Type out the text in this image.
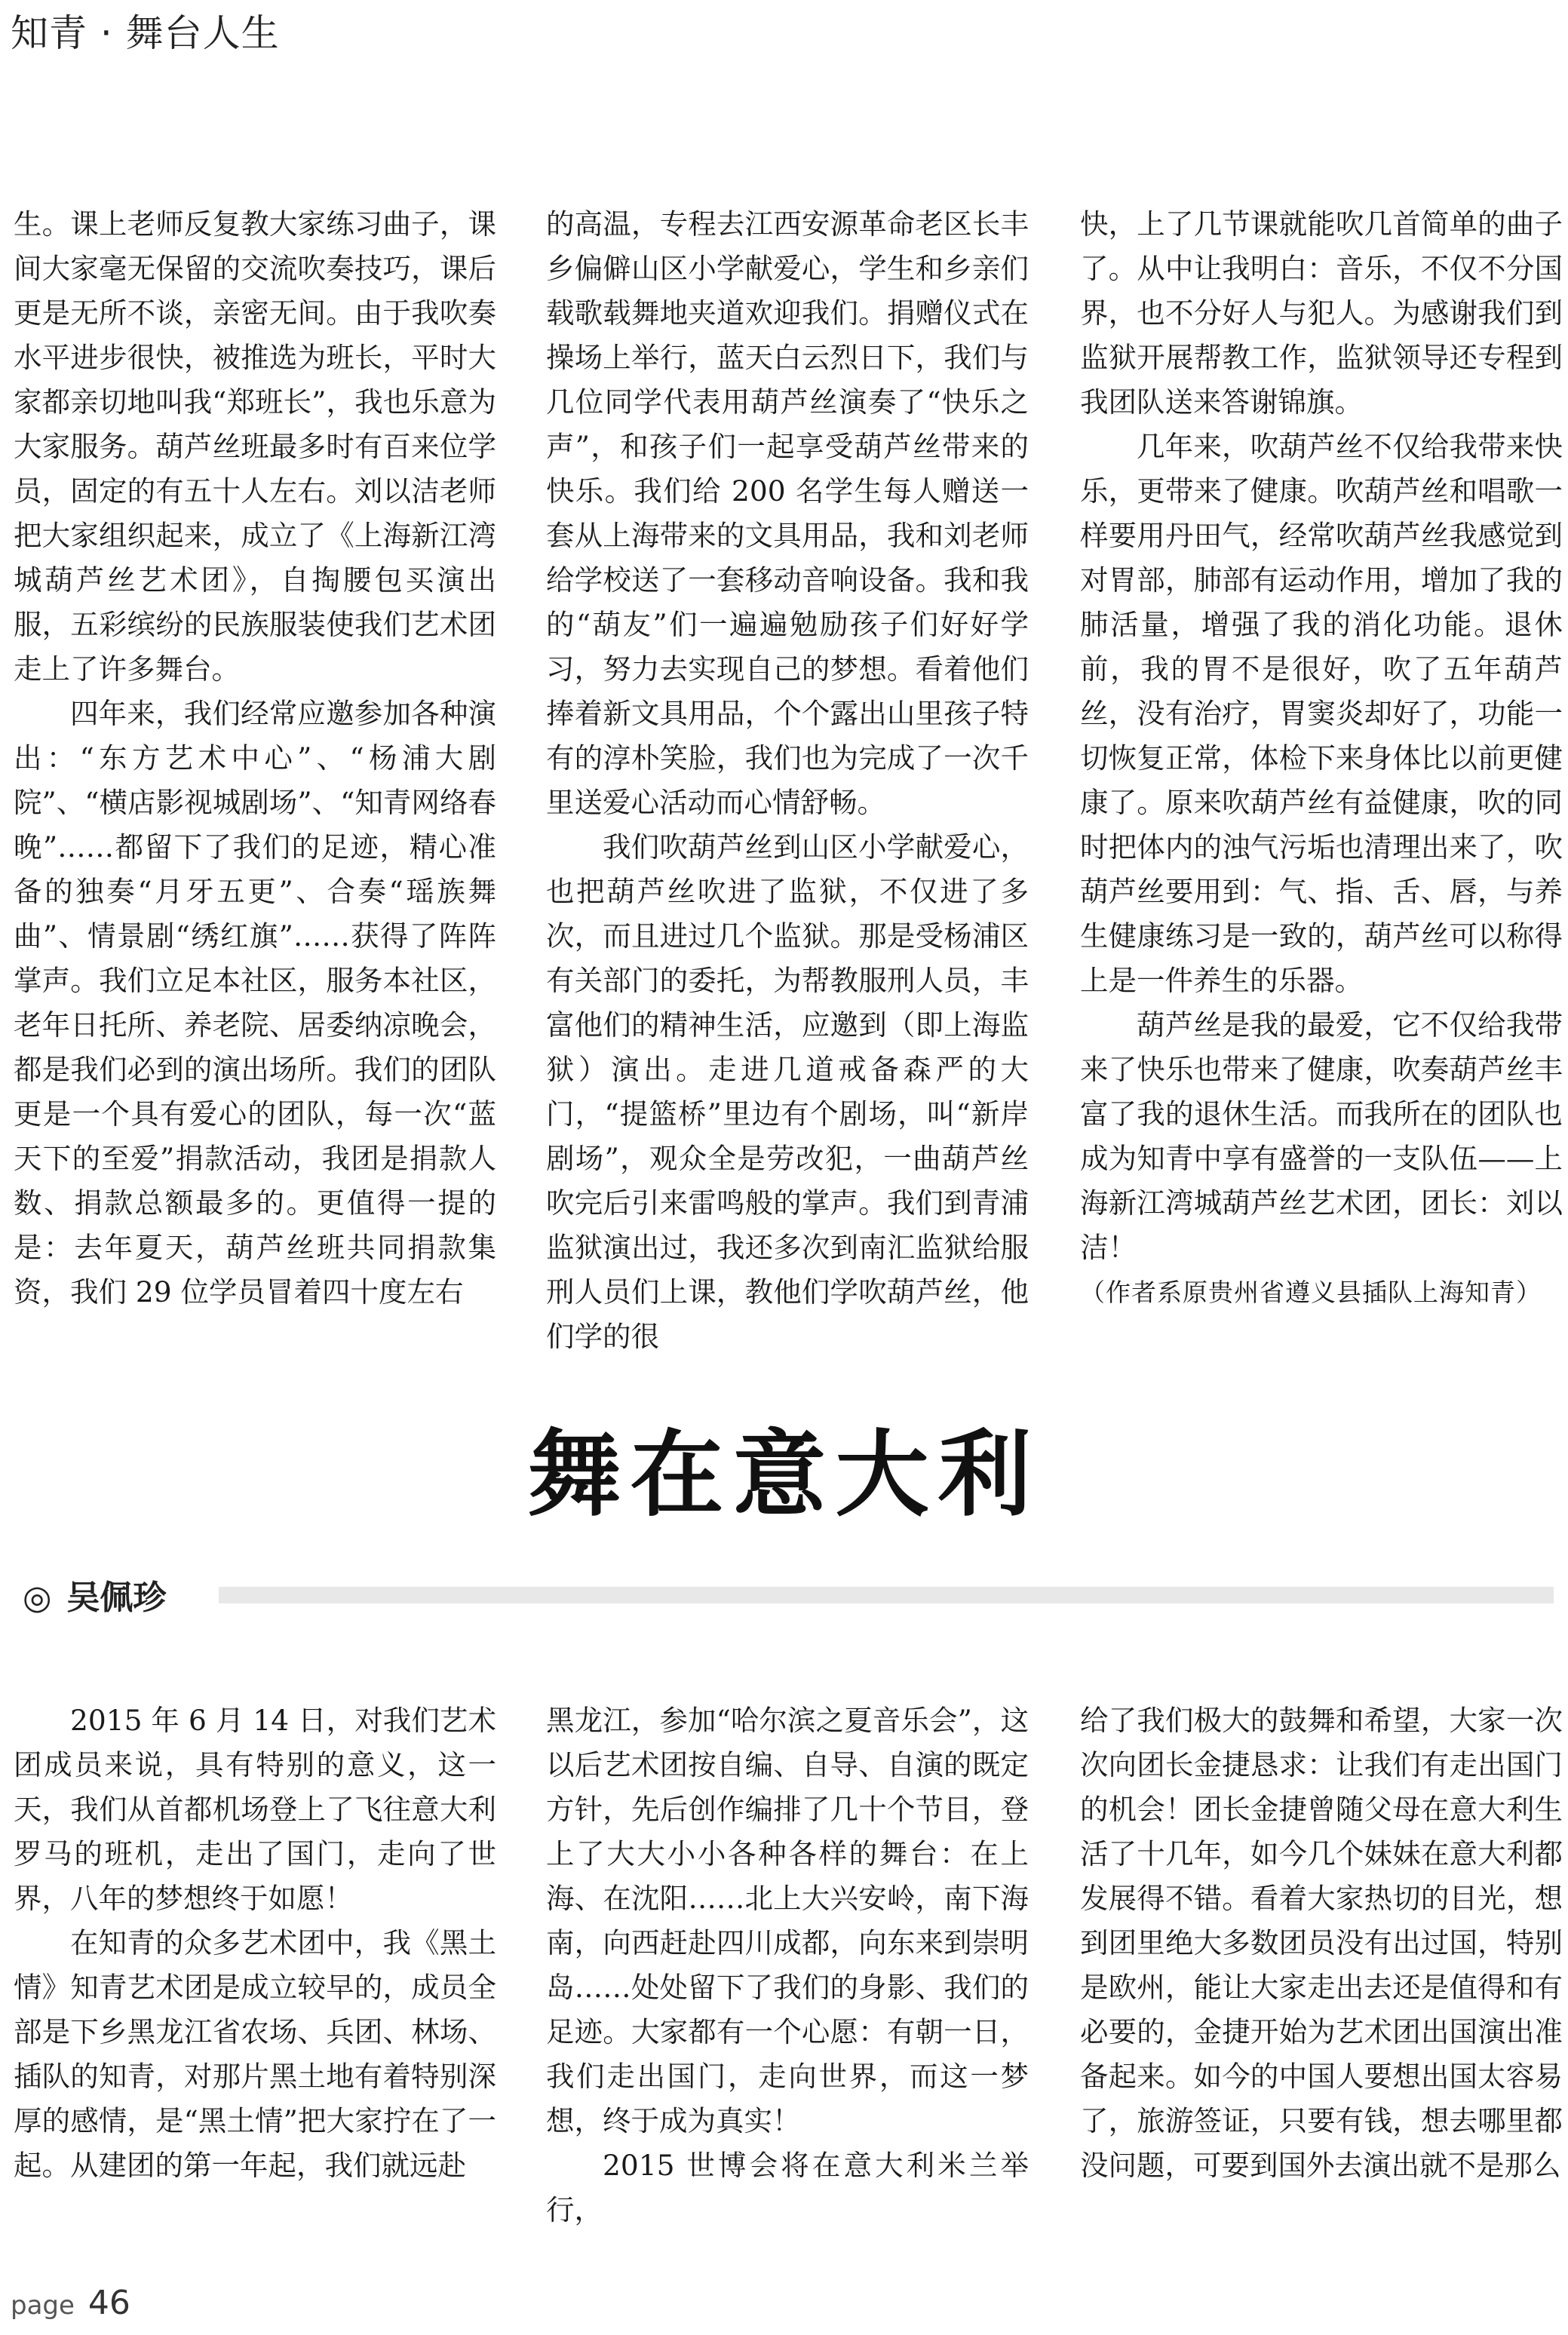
知青 · 舞台人生

生。课上老师反复教大家练习曲子，课间大家毫无保留的交流吹奏技巧，课后更是无所不谈，亲密无间。由于我吹奏水平进步很快，被推选为班长，平时大家都亲切地叫我“郑班长”，我也乐意为大家服务。葫芦丝班最多时有百来位学员，固定的有五十人左右。刘以洁老师把大家组织起来，成立了《上海新江湾城葫芦丝艺术团》，自掏腰包买演出服，五彩缤纷的民族服装使我们艺术团走上了许多舞台。

四年来，我们经常应邀参加各种演出：“东方艺术中心”、“杨浦大剧院”、“横店影视城剧场”、“知青网络春晚”……都留下了我们的足迹，精心准备的独奏“月牙五更”、合奏“瑶族舞曲”、情景剧“绣红旗”……获得了阵阵掌声。我们立足本社区，服务本社区，老年日托所、养老院、居委纳凉晚会，都是我们必到的演出场所。我们的团队更是一个具有爱心的团队，每一次“蓝天下的至爱”捐款活动，我团是捐款人数、捐款总额最多的。更值得一提的是：去年夏天，葫芦丝班共同捐款集资，我们 29 位学员冒着四十度左右

的高温，专程去江西安源革命老区长丰乡偏僻山区小学献爱心，学生和乡亲们载歌载舞地夹道欢迎我们。捐赠仪式在操场上举行，蓝天白云烈日下，我们与几位同学代表用葫芦丝演奏了“快乐之声”，和孩子们一起享受葫芦丝带来的快乐。我们给 200 名学生每人赠送一套从上海带来的文具用品，我和刘老师给学校送了一套移动音响设备。我和我的“葫友”们一遍遍勉励孩子们好好学习，努力去实现自己的梦想。看着他们捧着新文具用品，个个露出山里孩子特有的淳朴笑脸，我们也为完成了一次千里送爱心活动而心情舒畅。

我们吹葫芦丝到山区小学献爱心，也把葫芦丝吹进了监狱，不仅进了多次，而且进过几个监狱。那是受杨浦区有关部门的委托，为帮教服刑人员，丰富他们的精神生活，应邀到（即上海监狱）演出。走进几道戒备森严的大门，“提篮桥”里边有个剧场，叫“新岸剧场”，观众全是劳改犯，一曲葫芦丝吹完后引来雷鸣般的掌声。我们到青浦监狱演出过，我还多次到南汇监狱给服刑人员们上课，教他们学吹葫芦丝，他们学的很

快，上了几节课就能吹几首简单的曲子了。从中让我明白：音乐，不仅不分国界，也不分好人与犯人。为感谢我们到监狱开展帮教工作，监狱领导还专程到我团队送来答谢锦旗。

几年来，吹葫芦丝不仅给我带来快乐，更带来了健康。吹葫芦丝和唱歌一样要用丹田气，经常吹葫芦丝我感觉到对胃部，肺部有运动作用，增加了我的肺活量，增强了我的消化功能。退休前，我的胃不是很好，吹了五年葫芦丝，没有治疗，胃窦炎却好了，功能一切恢复正常，体检下来身体比以前更健康了。原来吹葫芦丝有益健康，吹的同时把体内的浊气污垢也清理出来了，吹葫芦丝要用到：气、指、舌、唇，与养生健康练习是一致的，葫芦丝可以称得上是一件养生的乐器。

葫芦丝是我的最爱，它不仅给我带来了快乐也带来了健康，吹奏葫芦丝丰富了我的退休生活。而我所在的团队也成为知青中享有盛誉的一支队伍——上海新江湾城葫芦丝艺术团，团长：刘以洁！

（作者系原贵州省遵义县插队上海知青）

舞在意大利
◎ 吴佩珍

2015 年 6 月 14 日，对我们艺术团成员来说，具有特别的意义，这一天，我们从首都机场登上了飞往意大利罗马的班机，走出了国门，走向了世界，八年的梦想终于如愿！

在知青的众多艺术团中，我《黑土情》知青艺术团是成立较早的，成员全部是下乡黑龙江省农场、兵团、林场、插队的知青，对那片黑土地有着特别深厚的感情，是“黑土情”把大家拧在了一起。从建团的第一年起，我们就远赴

黑龙江，参加“哈尔滨之夏音乐会”，这以后艺术团按自编、自导、自演的既定方针，先后创作编排了几十个节目，登上了大大小小各种各样的舞台：在上海、在沈阳……北上大兴安岭，南下海南，向西赶赴四川成都，向东来到崇明岛……处处留下了我们的身影、我们的足迹。大家都有一个心愿：有朝一日，我们走出国门，走向世界，而这一梦想，终于成为真实！

2015 世博会将在意大利米兰举行，

给了我们极大的鼓舞和希望，大家一次次向团长金捷恳求：让我们有走出国门的机会！团长金捷曾随父母在意大利生活了十几年，如今几个妹妹在意大利都发展得不错。看着大家热切的目光，想到团里绝大多数团员没有出过国，特别是欧州，能让大家走出去还是值得和有必要的，金捷开始为艺术团出国演出准备起来。如今的中国人要想出国太容易了，旅游签证，只要有钱，想去哪里都没问题，可要到国外去演出就不是那么

page 46
